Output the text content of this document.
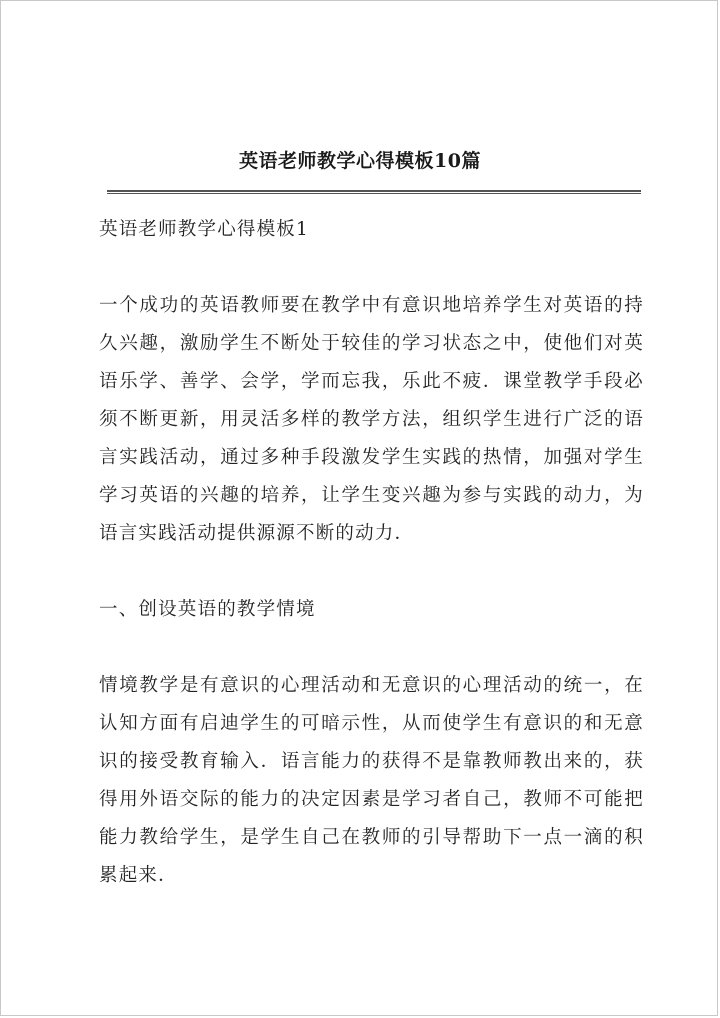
英语老师教学心得模板10篇

英语老师教学心得模板1

一个成功的英语教师要在教学中有意识地培养学生对英语的持久兴趣，激励学生不断处于较佳的学习状态之中，使他们对英语乐学、善学、会学，学而忘我，乐此不疲．课堂教学手段必须不断更新，用灵活多样的教学方法，组织学生进行广泛的语言实践活动，通过多种手段激发学生实践的热情，加强对学生学习英语的兴趣的培养，让学生变兴趣为参与实践的动力，为语言实践活动提供源源不断的动力．

一、创设英语的教学情境

情境教学是有意识的心理活动和无意识的心理活动的统一，在认知方面有启迪学生的可暗示性，从而使学生有意识的和无意识的接受教育输入．语言能力的获得不是靠教师教出来的，获得用外语交际的能力的决定因素是学习者自己，教师不可能把能力教给学生，是学生自己在教师的引导帮助下一点一滴的积累起来．
